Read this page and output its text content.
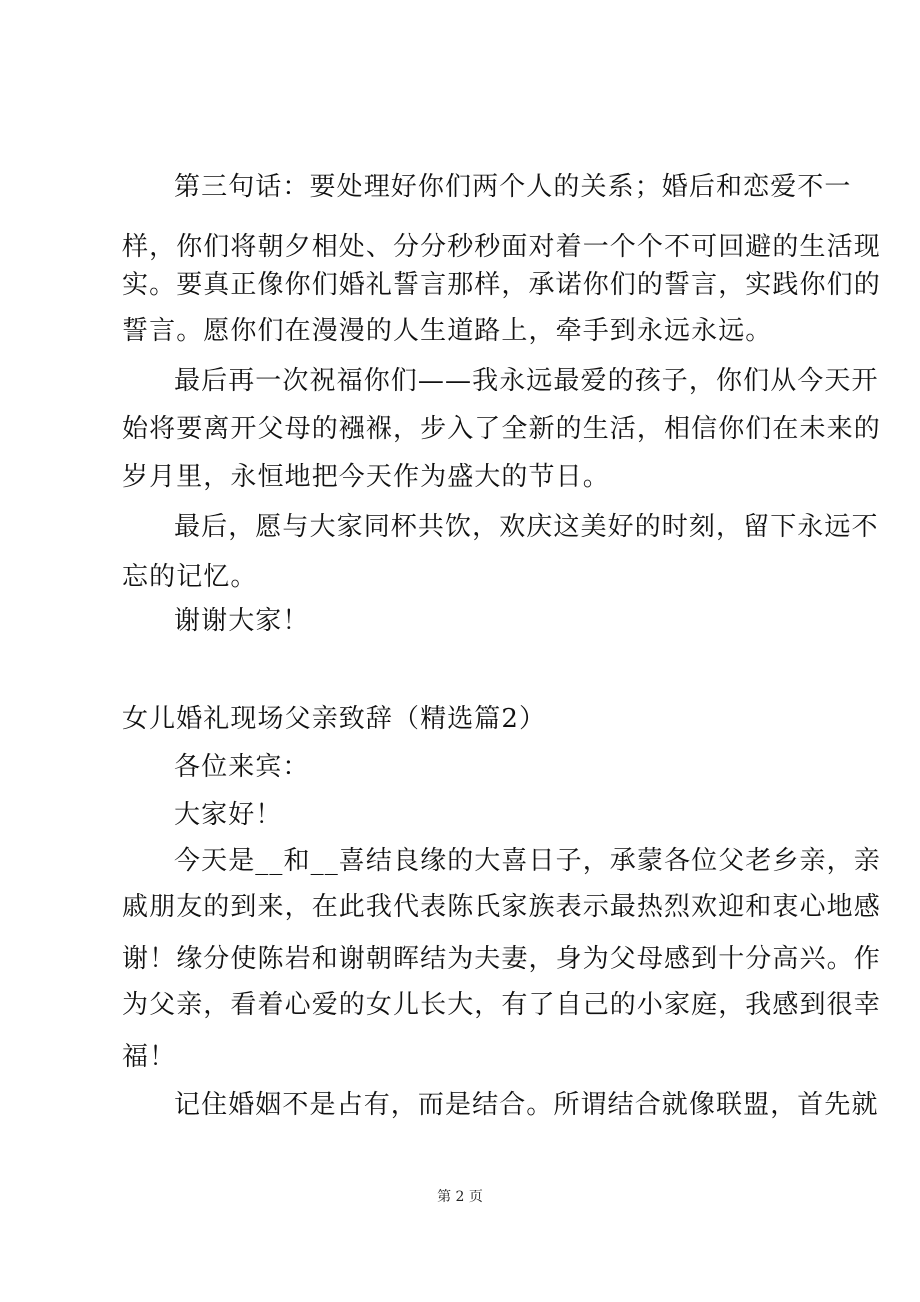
第三句话：要处理好你们两个人的关系；婚后和恋爱不一
样，你们将朝夕相处、分分秒秒面对着一个个不可回避的生活现
实。要真正像你们婚礼誓言那样，承诺你们的誓言，实践你们的
誓言。愿你们在漫漫的人生道路上，牵手到永远永远。
最后再一次祝福你们——我永远最爱的孩子，你们从今天开
始将要离开父母的襁褓，步入了全新的生活，相信你们在未来的
岁月里，永恒地把今天作为盛大的节日。
最后，愿与大家同杯共饮，欢庆这美好的时刻，留下永远不
忘的记忆。
谢谢大家！
女儿婚礼现场父亲致辞（精选篇2）
各位来宾：
大家好！
今天是__和__喜结良缘的大喜日子，承蒙各位父老乡亲，亲
戚朋友的到来，在此我代表陈氏家族表示最热烈欢迎和衷心地感
谢！缘分使陈岩和谢朝晖结为夫妻，身为父母感到十分高兴。作
为父亲，看着心爱的女儿长大，有了自己的小家庭，我感到很幸
福！
记住婚姻不是占有，而是结合。所谓结合就像联盟，首先就
第 2 页
